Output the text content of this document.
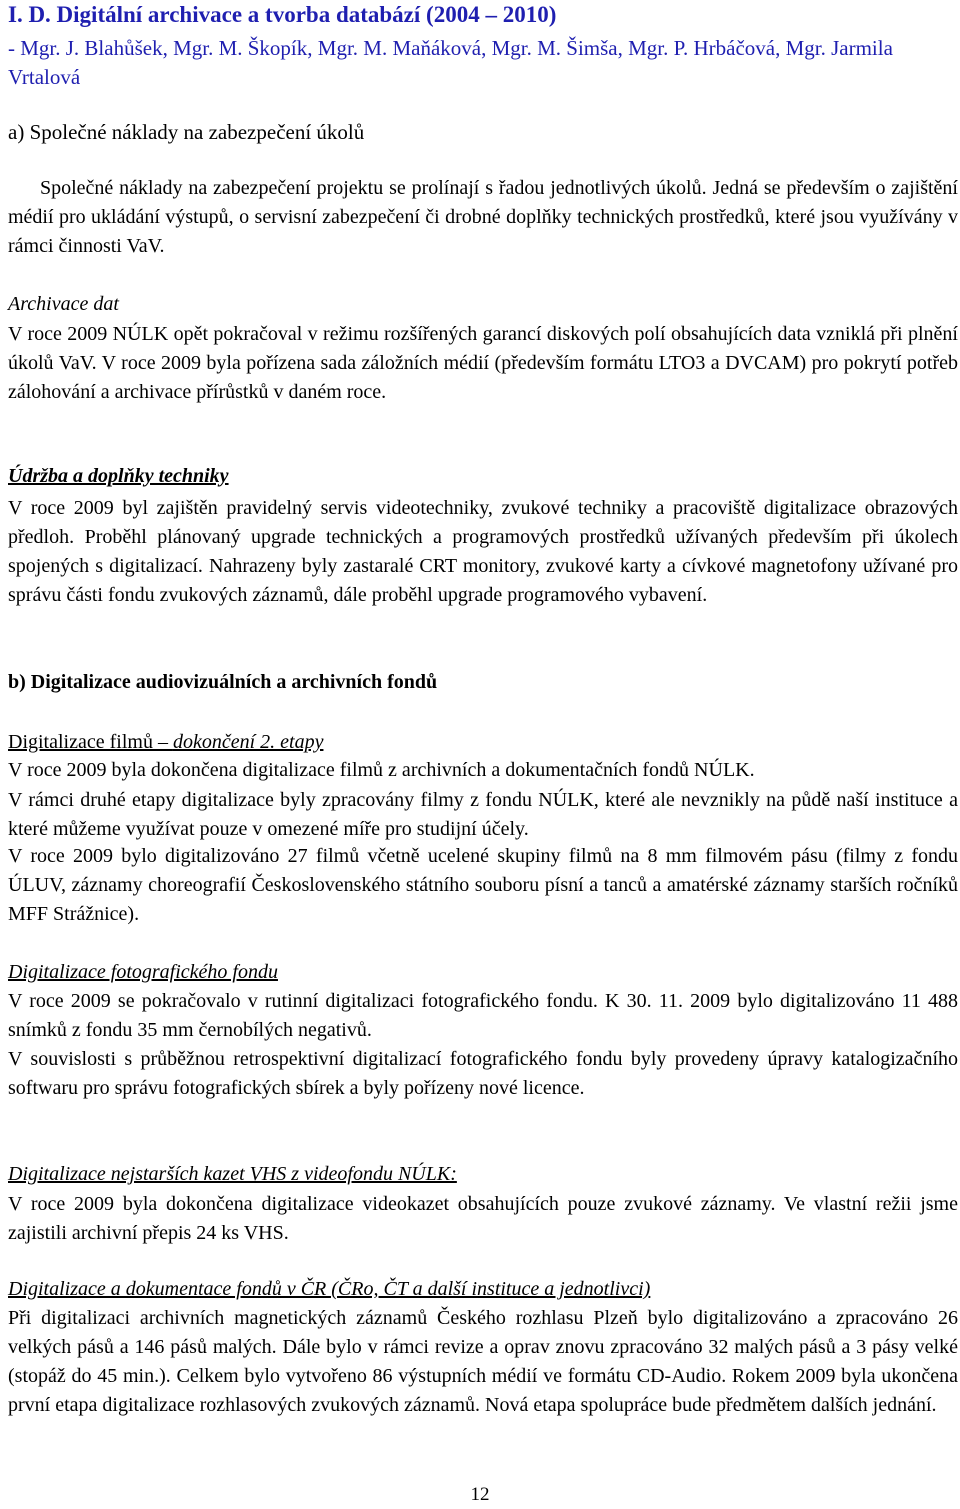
I. D. Digitální archivace a tvorba databází (2004 – 2010)
- Mgr. J. Blahůšek, Mgr. M. Škopík, Mgr. M. Maňáková, Mgr. M. Šimša, Mgr. P. Hrbáčová, Mgr. Jarmila Vrtalová
a) Společné náklady na zabezpečení úkolů
Společné náklady na zabezpečení projektu se prolínají s řadou jednotlivých úkolů. Jedná se především o zajištění médií pro ukládání výstupů, o servisní zabezpečení či drobné doplňky technických prostředků, které jsou využívány v rámci činnosti VaV.
Archivace dat
V roce 2009 NÚLK opět pokračoval v režimu rozšířených garancí diskových polí obsahujících data vzniklá při plnění úkolů VaV. V roce 2009 byla pořízena sada záložních médií (především formátu LTO3 a DVCAM) pro pokrytí potřeb zálohování a archivace přírůstků v daném roce.
Údržba a doplňky techniky
V roce 2009 byl zajištěn pravidelný servis videotechniky, zvukové techniky a pracoviště digitalizace obrazových předloh. Proběhl plánovaný upgrade technických a programových prostředků užívaných především při úkolech spojených s digitalizací. Nahrazeny byly zastaralé CRT monitory, zvukové karty a cívkové magnetofony užívané pro správu části fondu zvukových záznamů, dále proběhl upgrade programového vybavení.
b) Digitalizace audiovizuálních a archivních fondů
Digitalizace filmů – dokončení 2. etapy
V roce 2009 byla dokončena digitalizace filmů z archivních a dokumentačních fondů NÚLK.
V rámci druhé etapy digitalizace byly zpracovány filmy z fondu NÚLK, které ale nevznikly na půdě naší instituce a které můžeme využívat pouze v omezené míře pro studijní účely.
V roce 2009 bylo digitalizováno 27 filmů včetně ucelené skupiny filmů na 8 mm filmovém pásu (filmy z fondu ÚLUV, záznamy choreografií Československého státního souboru písní a tanců a amatérské záznamy starších ročníků MFF Strážnice).
Digitalizace fotografického fondu
V roce 2009 se pokračovalo v rutinní digitalizaci fotografického fondu. K 30. 11. 2009 bylo digitalizováno 11 488 snímků z fondu 35 mm černobílých negativů.
V souvislosti s průběžnou retrospektivní digitalizací fotografického fondu byly provedeny úpravy katalogizačního softwaru pro správu fotografických sbírek a byly pořízeny nové licence.
Digitalizace nejstarších kazet VHS z videofondu NÚLK:
V roce 2009 byla dokončena digitalizace videokazet obsahujících pouze zvukové záznamy. Ve vlastní režii jsme zajistili archivní přepis 24 ks VHS.
Digitalizace a dokumentace fondů v ČR (ČRo, ČT a další instituce a jednotlivci)
Při digitalizaci archivních magnetických záznamů Českého rozhlasu Plzeň bylo digitalizováno a zpracováno 26 velkých pásů a 146 pásů malých. Dále bylo v rámci revize a oprav znovu zpracováno 32 malých pásů a 3 pásy velké (stopáž do 45 min.). Celkem bylo vytvořeno 86 výstupních médií ve formátu CD-Audio. Rokem 2009 byla ukončena první etapa digitalizace rozhlasových zvukových záznamů. Nová etapa spolupráce bude předmětem dalších jednání.
12
